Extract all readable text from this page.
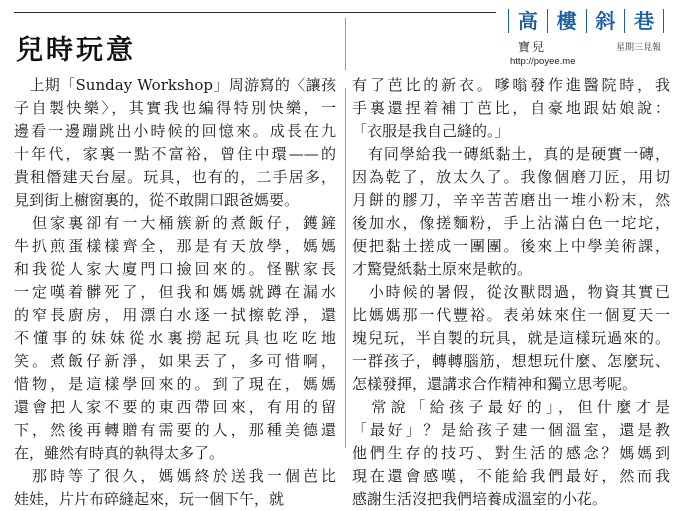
兒時玩意
高 樓 斜 巷
寶兒	星期三見報
http://poyee.me
　上期「Sunday Workshop」周游寫的〈讓孩
子自製快樂〉，其實我也編得特別快樂，一
邊看一邊蹦跳出小時候的回憶來。成長在九
十年代，家裏一點不富裕，曾住中環——的
貴租僭建天台屋。玩具，也有的，二手居多，
見到街上櫥窗裏的，從不敢開口跟爸媽要。
　但家裏卻有一大桶簇新的煮飯仔，鑊鏟
牛扒煎蛋樣樣齊全，那是有天放學，媽媽
和我從人家大廈門口撿回來的。怪獸家長
一定嘆着髒死了，但我和媽媽就蹲在漏水
的窄長廚房，用漂白水逐一拭擦乾淨，還
不懂事的妹妹從水裏撈起玩具也吃吃地
笑。煮飯仔新淨，如果丟了，多可惜啊，
惜物，是這樣學回來的。到了現在，媽媽
還會把人家不要的東西帶回來，有用的留
下，然後再轉贈有需要的人，那種美德還
在，雖然有時真的執得太多了。
　那時等了很久，媽媽終於送我一個芭比
娃娃，片片布碎縫起來，玩一個下午，就
有了芭比的新衣。嗲嗡發作進醫院時，我
手裏還捏着補丁芭比，自豪地跟姑娘說：
「衣服是我自己縫的。」
　有同學給我一磚紙黏土，真的是硬實一磚，
因為乾了，放太久了。我像個磨刀匠，用切
月餅的膠刀，辛辛苦苦磨出一堆小粉末，然
後加水，像搓麵粉，手上沾滿白色一坨坨，
便把黏土搓成一團團。後來上中學美術課，
才驚覺紙黏土原來是軟的。
　小時候的暑假，從汝獸悶過，物資其實已
比媽媽那一代豐裕。表弟妹來住一個夏天一
塊兒玩，半自製的玩具，就是這樣玩過來的。
一群孩子，轉轉腦筋，想想玩什麼、怎麼玩、
怎樣發揮，還講求合作精神和獨立思考呢。
　常說「給孩子最好的」，但什麼才是
「最好」？是給孩子建一個溫室，還是教
他們生存的技巧、對生活的感念？媽媽到
現在還會感嘆，不能給我們最好，然而我
感謝生活沒把我們培養成溫室的小花。
